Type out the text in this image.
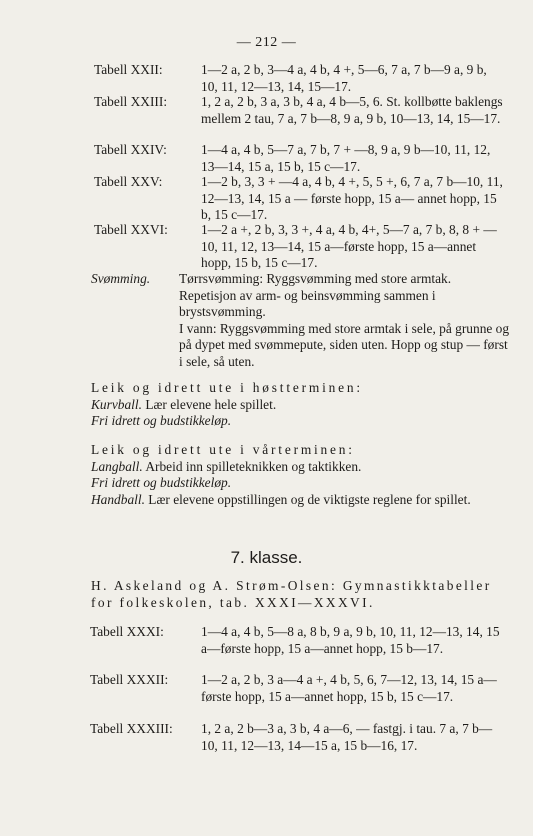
— 212 —
Tabell XXII:	1—2 a, 2 b, 3—4 a, 4 b, 4 +, 5—6, 7 a, 7 b—9 a, 9 b, 10, 11, 12—13, 14, 15—17.
Tabell XXIII:	1, 2 a, 2 b, 3 a, 3 b, 4 a, 4 b—5, 6. St. kollbøtte baklengs mellem 2 tau, 7 a, 7 b—8, 9 a, 9 b, 10—13, 14, 15—17.
Tabell XXIV:	1—4 a, 4 b, 5—7 a, 7 b, 7 + —8, 9 a, 9 b—10, 11, 12, 13—14, 15 a, 15 b, 15 c—17.
Tabell XXV:	1—2 b, 3, 3 + —4 a, 4 b, 4 +, 5, 5 +, 6, 7 a, 7 b—10, 11, 12—13, 14, 15 a — første hopp, 15 a— annet hopp, 15 b, 15 c—17.
Tabell XXVI:	1—2 a +, 2 b, 3, 3 +, 4 a, 4 b, 4+, 5—7 a, 7 b, 8, 8 + —10, 11, 12, 13—14, 15 a—første hopp, 15 a—annet hopp, 15 b, 15 c—17.
Svømming. Tørrsvømming: Ryggsvømming med store armtak. Repetisjon av arm- og beinsvømming sammen i brystsvømming.
I vann: Ryggsvømming med store armtak i sele, på grunne og på dypet med svømmepute, siden uten. Hopp og stup — først i sele, så uten.
Leik og idrett ute i høstterminen:
Kurvball. Lær elevene hele spillet.
Fri idrett og budstikkeløp.
Leik og idrett ute i vårterminen:
Langball. Arbeid inn spilleteknikken og taktikken.
Fri idrett og budstikkeløp.
Handball. Lær elevene oppstillingen og de viktigste reglene for spillet.
7. klasse.
H. Askeland og A. Strøm-Olsen: Gymnastikktabeller for folkeskolen, tab. XXXI—XXXVI.
Tabell XXXI:	1—4 a, 4 b, 5—8 a, 8 b, 9 a, 9 b, 10, 11, 12—13, 14, 15 a—første hopp, 15 a—annet hopp, 15 b—17.
Tabell XXXII:	1—2 a, 2 b, 3 a—4 a +, 4 b, 5, 6, 7—12, 13, 14, 15 a—første hopp, 15 a—annet hopp, 15 b, 15 c—17.
Tabell XXXIII:	1, 2 a, 2 b—3 a, 3 b, 4 a—6, — fastgj. i tau. 7 a, 7 b—10, 11, 12—13, 14—15 a, 15 b—16, 17.
